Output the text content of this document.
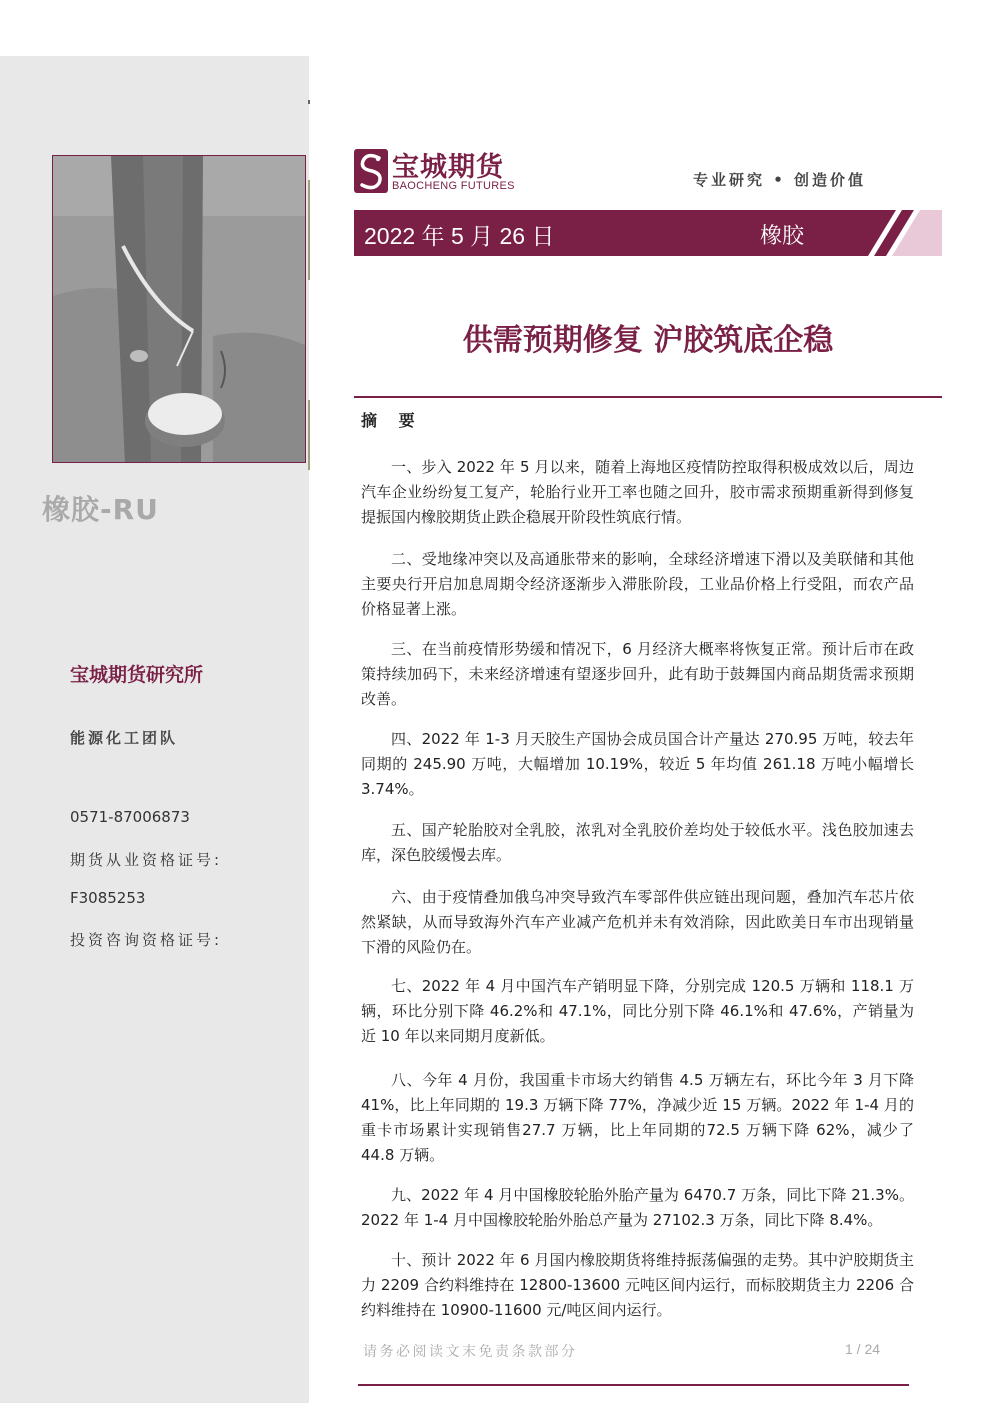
橡胶-RU
宝城期货研究所
能源化工团队
0571-87006873
期货从业资格证号:
F3085253
投资咨询资格证号:
宝城期货
BAOCHENG FUTURES	专业研究 • 创造价值
2022 年 5 月 26 日	橡胶
供需预期修复 沪胶筑底企稳
摘 要

一、步入 2022 年 5 月以来，随着上海地区疫情防控取得积极成效以后，周边汽车企业纷纷复工复产，轮胎行业开工率也随之回升，胶市需求预期重新得到修复提振国内橡胶期货止跌企稳展开阶段性筑底行情。

二、受地缘冲突以及高通胀带来的影响，全球经济增速下滑以及美联储和其他主要央行开启加息周期令经济逐渐步入滞胀阶段，工业品价格上行受阻，而农产品价格显著上涨。

三、在当前疫情形势缓和情况下，6 月经济大概率将恢复正常。预计后市在政策持续加码下，未来经济增速有望逐步回升，此有助于鼓舞国内商品期货需求预期改善。

四、2022 年 1-3 月天胶生产国协会成员国合计产量达 270.95 万吨，较去年同期的 245.90 万吨，大幅增加 10.19%，较近 5 年均值 261.18 万吨小幅增长 3.74%。

五、国产轮胎胶对全乳胶，浓乳对全乳胶价差均处于较低水平。浅色胶加速去库，深色胶缓慢去库。

六、由于疫情叠加俄乌冲突导致汽车零部件供应链出现问题，叠加汽车芯片依然紧缺，从而导致海外汽车产业减产危机并未有效消除，因此欧美日车市出现销量下滑的风险仍在。

七、2022 年 4 月中国汽车产销明显下降，分别完成 120.5 万辆和 118.1 万辆，环比分别下降 46.2%和 47.1%，同比分别下降 46.1%和 47.6%，产销量为近 10 年以来同期月度新低。

八、今年 4 月份，我国重卡市场大约销售 4.5 万辆左右，环比今年 3 月下降 41%，比上年同期的 19.3 万辆下降 77%，净减少近 15 万辆。2022 年 1-4 月的重卡市场累计实现销售27.7 万辆，比上年同期的72.5 万辆下降 62%，减少了 44.8 万辆。

九、2022 年 4 月中国橡胶轮胎外胎产量为 6470.7 万条，同比下降 21.3%。2022 年 1-4 月中国橡胶轮胎外胎总产量为 27102.3 万条，同比下降 8.4%。

十、预计 2022 年 6 月国内橡胶期货将维持振荡偏强的走势。其中沪胶期货主力 2209 合约料维持在 12800-13600 元吨区间内运行，而标胶期货主力 2206 合约料维持在 10900-11600 元/吨区间内运行。

请务必阅读文末免责条款部分	1 / 24
